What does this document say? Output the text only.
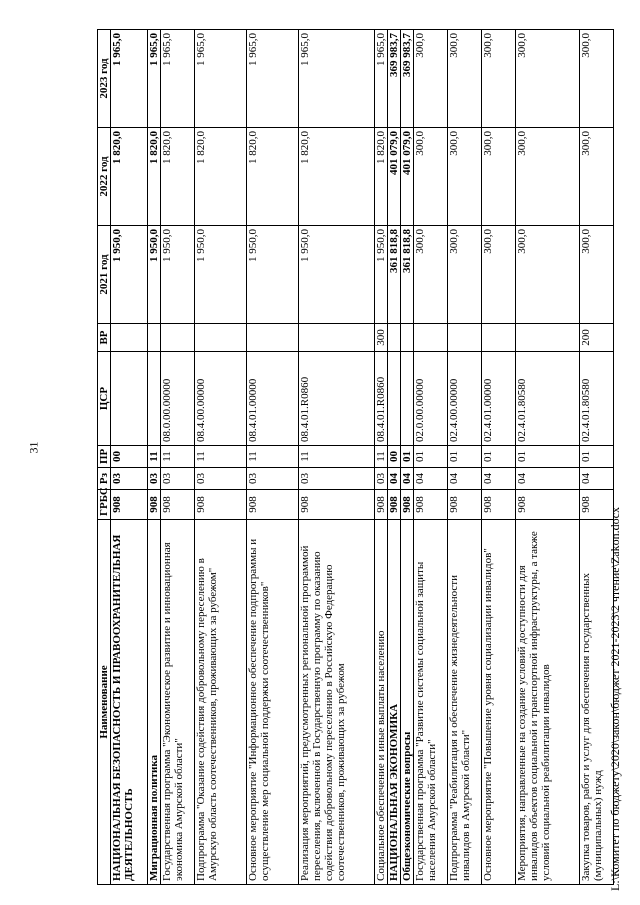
31
Наименование	ГРБС	Рз	ПР	ЦСР	ВР	2021 год	2022 год	2023 год
НАЦИОНАЛЬНАЯ БЕЗОПАСНОСТЬ И ПРАВООХРАНИТЕЛЬНАЯ ДЕЯТЕЛЬНОСТЬ	908	03	00			1 950,0	1 820,0	1 965,0
Миграционная политика	908	03	11			1 950,0	1 820,0	1 965,0
Государственная программа "Экономическое развитие и инновационная экономика Амурской области"	908	03	11	08.0.00.00000		1 950,0	1 820,0	1 965,0
Подпрограмма "Оказание содействия добровольному переселению в Амурскую область соотечественников, проживающих за рубежом"	908	03	11	08.4.00.00000		1 950,0	1 820,0	1 965,0
Основное мероприятие "Информационное обеспечение подпрограммы и осуществление мер социальной поддержки соотечественников"	908	03	11	08.4.01.00000		1 950,0	1 820,0	1 965,0
Реализация мероприятий, предусмотренных региональной программой переселения, включенной в Государственную программу по оказанию содействия добровольному переселению в Российскую Федерацию соотечественников, проживающих за рубежом	908	03	11	08.4.01.R0860		1 950,0	1 820,0	1 965,0
Социальное обеспечение и иные выплаты населению	908	03	11	08.4.01.R0860	300	1 950,0	1 820,0	1 965,0
НАЦИОНАЛЬНАЯ ЭКОНОМИКА	908	04	00			361 818,8	401 079,0	369 983,7
Общеэкономические вопросы	908	04	01			361 818,8	401 079,0	369 983,7
Государственная программа "Развитие системы социальной защиты населения Амурской области"	908	04	01	02.0.00.00000		300,0	300,0	300,0
Подпрограмма "Реабилитация и обеспечение жизнедеятельности инвалидов в Амурской области"	908	04	01	02.4.00.00000		300,0	300,0	300,0
Основное мероприятие "Повышение уровня социализации инвалидов"	908	04	01	02.4.01.00000		300,0	300,0	300,0
Мероприятия, направленные на создание условий доступности для инвалидов объектов социальной и транспортной инфраструктуры, а также условий социальной реабилитации инвалидов	908	04	01	02.4.01.80580		300,0	300,0	300,0
Закупка товаров, работ и услуг для обеспечения государственных (муниципальных) нужд	908	04	01	02.4.01.80580	200	300,0	300,0	300,0
L:\Комитет по бюджету\2020\закон\бюджет 2021-2023\2 чтение\Zakon.docx
